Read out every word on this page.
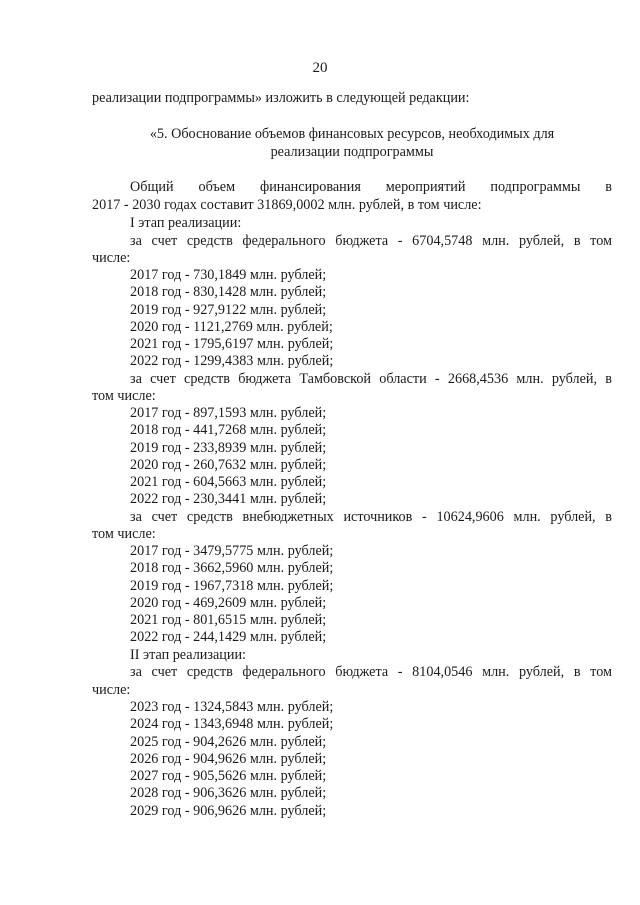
20
реализации подпрограммы» изложить в следующей редакции:
«5. Обоснование объемов финансовых ресурсов, необходимых для
реализации подпрограммы
Общий объем финансирования мероприятий подпрограммы в
2017 - 2030 годах составит 31869,0002 млн. рублей, в том числе:
I этап реализации:
за счет средств федерального бюджета - 6704,5748 млн. рублей, в том
числе:
2017 год - 730,1849 млн. рублей;
2018 год - 830,1428 млн. рублей;
2019 год - 927,9122 млн. рублей;
2020 год - 1121,2769 млн. рублей;
2021 год - 1795,6197 млн. рублей;
2022 год - 1299,4383 млн. рублей;
за счет средств бюджета Тамбовской области - 2668,4536 млн. рублей, в
том числе:
2017 год - 897,1593 млн. рублей;
2018 год - 441,7268 млн. рублей;
2019 год - 233,8939 млн. рублей;
2020 год - 260,7632 млн. рублей;
2021 год - 604,5663 млн. рублей;
2022 год - 230,3441 млн. рублей;
за счет средств внебюджетных источников - 10624,9606 млн. рублей, в
том числе:
2017 год - 3479,5775 млн. рублей;
2018 год - 3662,5960 млн. рублей;
2019 год - 1967,7318 млн. рублей;
2020 год - 469,2609 млн. рублей;
2021 год - 801,6515 млн. рублей;
2022 год - 244,1429 млн. рублей;
II этап реализации:
за счет средств федерального бюджета - 8104,0546 млн. рублей, в том
числе:
2023 год - 1324,5843 млн. рублей;
2024 год - 1343,6948 млн. рублей;
2025 год - 904,2626 млн. рублей;
2026 год - 904,9626 млн. рублей;
2027 год - 905,5626 млн. рублей;
2028 год - 906,3626 млн. рублей;
2029 год - 906,9626 млн. рублей;
